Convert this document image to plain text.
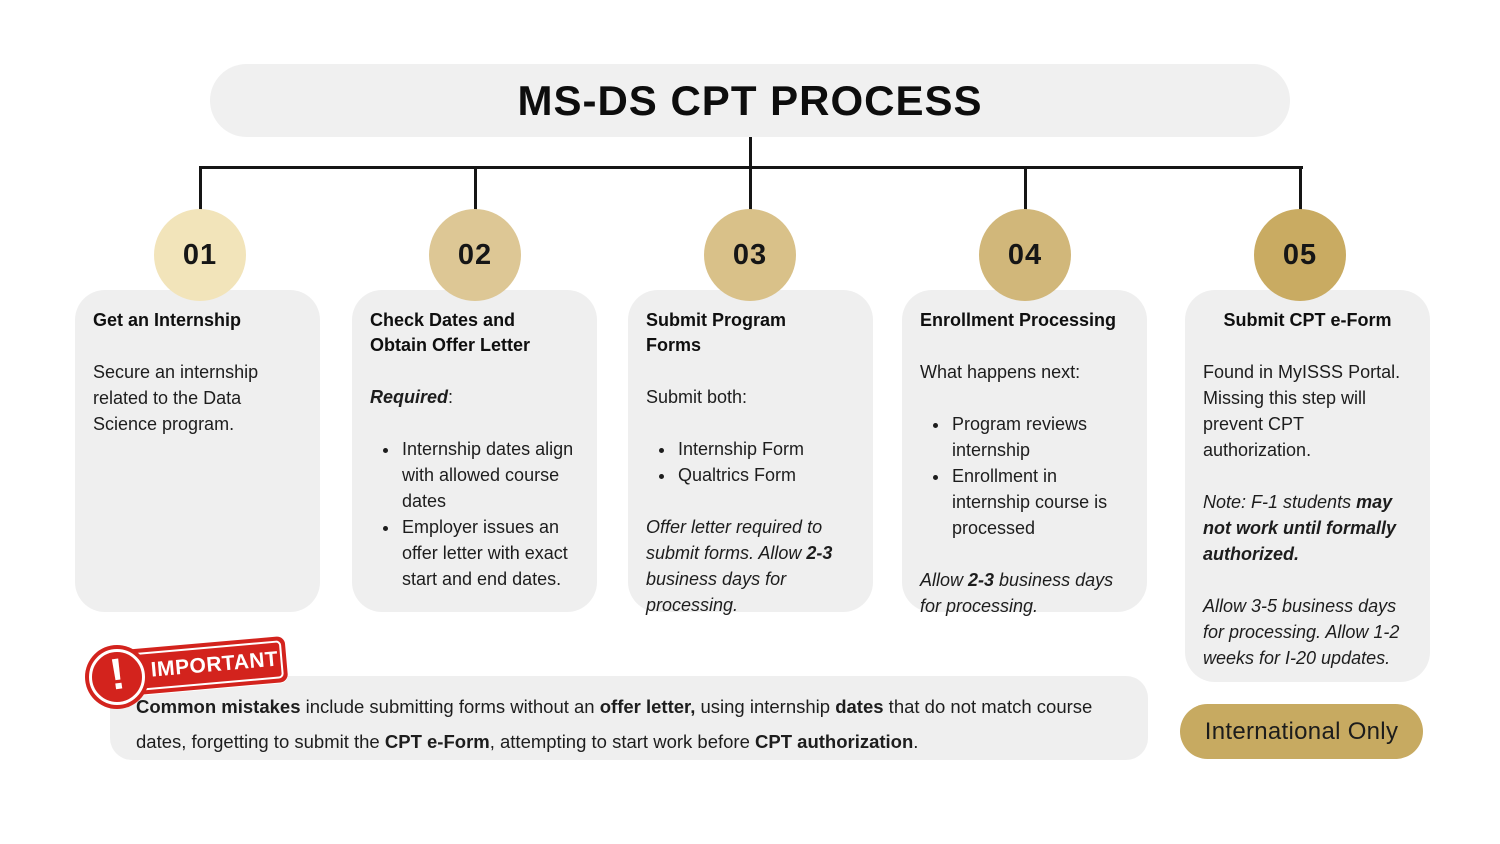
MS-DS CPT PROCESS
01	02	03	04	05
Get an Internship

Secure an internship related to the Data Science program.

Check Dates and Obtain Offer Letter

Required:

• Internship dates align with allowed course dates
• Employer issues an offer letter with exact start and end dates.
Submit Program Forms

Submit both:

• Internship Form
• Qualtrics Form

Offer letter required to submit forms. Allow 2-3 business days for processing.

Enrollment Processing

What happens next:

• Program reviews internship
• Enrollment in internship course is processed

Allow 2-3 business days for processing.

Submit CPT e-Form

Found in MyISSS Portal. Missing this step will prevent CPT authorization.

Note: F-1 students may not work until formally authorized.

Allow 3-5 business days for processing. Allow 1-2 weeks for I-20 updates.

IMPORTANT
!
Common mistakes include submitting forms without an offer letter, using internship dates that do not match course dates, forgetting to submit the CPT e-Form, attempting to start work before CPT authorization.	International Only
